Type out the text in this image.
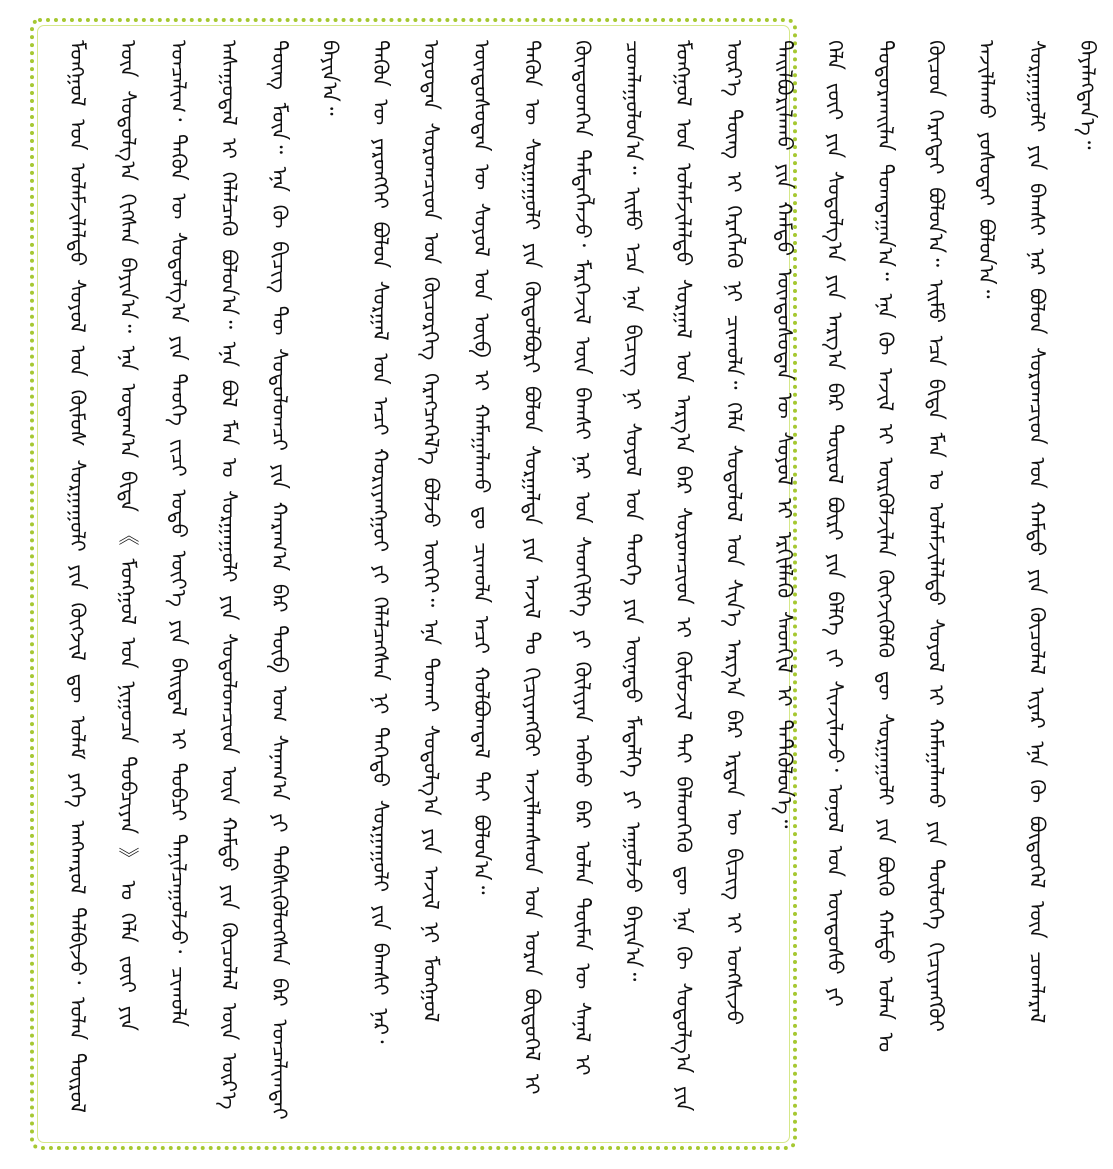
ᠮᠣᠩᠭᠣᠯ ᠤᠨ ᠤᠯᠠᠮᠵᠢᠯᠠᠯᠳᠤ ᠰᠣᠶᠣᠯ ᠤᠨ ᠬᠦᠮᠦᠰ ᠰᠤᠷᠭᠠᠭᠤᠯᠢ ᠶᠢᠨ ᠬᠥᠭᠵᠢᠯ ᠳᠦ ᠤᠯᠠᠮ ᠶᠡᠬᠡ ᠠᠩᠬᠠᠷᠤᠯ ᠲᠠᠯᠪᠢᠵᠤ᠂ ᠣᠯᠠᠨ ᠲᠥᠷᠥᠯ ᠦᠨ ᠰᠤᠳᠤᠯᠭ᠎ᠠ ᠬᠢᠭᠰᠡᠨ ᠪᠠᠶᠢᠨ᠎ᠠ᠃ ᠡᠨᠡ ᠤᠳᠠᠭ᠎ᠠ ᠪᠢᠳᠡ 《 ᠮᠣᠩᠭᠣᠯ ᠤᠨ ᠨᠢᠭᠤᠴᠠ ᠲᠣᠪᠴᠢᠶᠠᠨ 》 ᠤ ᠬᠡᠯᠡ ᠵᠦᠢ ᠶᠢᠨ ᠣᠨᠴᠠᠯᠢᠭ᠂ ᠲᠡᠭᠦᠨ ᠦ ᠰᠤᠳᠤᠯᠭ᠎ᠠ ᠶᠢᠨ ᠲᠡᠦᠬᠡ ᠵᠢᠴᠢ ᠣᠳᠣ ᠦᠶ᠎ᠡ ᠶᠢᠨ ᠪᠠᠢᠳᠠᠯ ᠢ ᠲᠣᠪᠴᠢ ᠲᠠᠨᠢᠯᠴᠠᠭᠤᠯᠵᠤ᠂ ᠴᠢᠬᠤᠯᠠ ᠠᠰᠠᠭᠤᠳᠠᠯ ᠢ ᠬᠡᠯᠡᠯᠴᠡᠬᠦ ᠪᠣᠯᠤᠨ᠎ᠠ᠃ ᠡᠨᠡ ᠪᠣᠯ ᠮᠠᠨ ᠤ ᠰᠤᠷᠭᠠᠭᠤᠯᠢ ᠶᠢᠨ ᠰᠤᠳᠤᠯᠤᠭᠴᠢᠳ ᠦᠨ ᠬᠠᠮᠲᠤ ᠶᠢᠨ ᠬᠦᠴᠦᠯᠡᠯ ᠦᠨ ᠦᠷ᠎ᠡ ᠳᠦᠩ ᠮᠥᠨ᠃ ᠡᠨᠡ ᠬᠦ ᠪᠢᠴᠢᠭ ᠲᠦ ᠰᠤᠳᠤᠯᠤᠭᠴᠢ ᠶᠢᠨ ᠬᠠᠷᠠᠭ᠎ᠠ ᠪᠠᠷ ᠲᠥᠪ ᠤᠭ ᠰᠠᠨᠠᠭ᠎ᠠ ᠶᠢ ᠳᠡᠪᠰᠢᠭᠦᠯᠦᠭᠰᠡᠨ ᠪᠠᠷ ᠣᠨᠴᠠᠯᠢᠭᠲᠠᠢ ᠪᠠᠶᠢᠨ᠎ᠠ᠃	ᠲᠡᠭᠦᠨ ᠦ ᠶᠡᠷᠦᠩᠬᠡᠢ ᠪᠣᠯᠤᠨ ᠰᠤᠷᠭᠠᠯ ᠤᠨ ᠠᠴᠢ ᠬᠤᠷᠢᠶᠠᠩᠭᠤᠢ ᠶᠢ ᠬᠡᠯᠡᠯᠴᠡᠭᠰᠡᠨ ᠨᠢ ᠳᠡᠭᠡᠳᠦ ᠰᠤᠷᠭᠠᠭᠤᠯᠢ ᠶᠢᠨ ᠪᠠᠭᠰᠢ ᠨᠠᠷ᠂ ᠣᠶᠤᠲᠠᠨ ᠰᠤᠷᠤᠭᠴᠢᠳ ᠤᠨ ᠬᠦᠴᠦᠷᠬᠡᠭ ᠬᠡᠷᠡᠭᠴᠡᠭᠡᠯ᠎ᠡ ᠪᠣᠯᠵᠤ ᠦᠭᠡᠢ᠃ ᠡᠨᠡ ᠲᠤᠬᠠᠢ ᠰᠤᠳᠤᠯᠭ᠎ᠠ ᠶᠢᠨ ᠠᠵᠢᠯ ᠨᠢ ᠮᠣᠩᠭᠣᠯ ᠦᠨᠳᠦᠰᠦᠲᠡᠨ ᠦ ᠰᠣᠶᠣᠯ ᠤᠨ ᠥᠪ ᠢ ᠬᠠᠮᠠᠭᠠᠯᠠᠬᠤ ᠳᠤ ᠴᠢᠬᠤᠯᠠ ᠠᠴᠢ ᠬᠣᠯᠪᠣᠭᠳᠠᠯ ᠲᠠᠢ ᠪᠣᠯᠤᠨ᠎ᠠ᠃	ᠲᠡᠭᠦᠨ ᠦ ᠰᠤᠷᠭᠠᠭᠤᠯᠢ ᠶᠢᠨ ᠬᠥᠲᠥᠯᠪᠦᠷᠢ ᠪᠣᠯᠤᠨ ᠰᠤᠷᠭᠠᠯᠲᠠ ᠶᠢᠨ ᠠᠵᠢᠯ ᠲᠤ ᠬᠢᠴᠢᠶᠡᠩᠭᠦᠢ ᠠᠵᠢᠯᠯᠠᠭᠰᠠᠳ ᠤᠨ ᠤᠷᠠᠨ ᠪᠦᠲᠦᠭᠡᠯ ᠢ ᠬᠦᠨᠳᠦᠳᠬᠡᠨ ᠲᠡᠮᠳᠡᠭᠯᠡᠵᠦ᠂ ᠮᠡᠷᠭᠡᠵᠢᠯ ᠦᠨ ᠪᠠᠭᠰᠢ ᠨᠠᠷ ᠤᠨ ᠰᠡᠳᠬᠢᠯᠭᠡ ᠶᠢ ᠬᠦᠯᠢᠶᠡᠨ ᠠᠪᠬᠤ ᠪᠠᠷ ᠣᠯᠠᠨ ᠲᠦᠮᠡᠨ ᠦ ᠰᠠᠨᠠᠯ ᠢ ᠴᠤᠭᠯᠠᠭᠤᠯᠤᠨ᠎ᠠ᠃ ᠡᠢᠮᠦ ᠡᠴᠡ ᠡᠨᠡ ᠪᠢᠴᠢᠭ ᠨᠢ ᠰᠣᠶᠣᠯ ᠤᠨ ᠲᠡᠦᠬᠡ ᠶᠢᠨ ᠦᠨᠡᠲᠦ ᠮᠡᠳᠡᠯᠭᠡ ᠶᠢ ᠠᠭᠤᠯᠵᠤ ᠪᠠᠶᠢᠨ᠎ᠠ᠃	ᠮᠣᠩᠭᠣᠯ ᠤᠨ ᠤᠯᠠᠮᠵᠢᠯᠠᠯᠳᠤ ᠰᠤᠷᠭᠠᠯ ᠤᠨ ᠠᠷᠭ᠎ᠠ ᠪᠠᠷ ᠰᠤᠷᠤᠭᠴᠢᠳ ᠢ ᠬᠥᠮᠦᠵᠢᠯ ᠲᠡᠶ ᠪᠡᠯᠡᠳᠬᠡᠬᠦ ᠳᠦ ᠡᠨᠡ ᠬᠦ ᠰᠤᠳᠤᠯᠭ᠎ᠠ ᠶᠢᠨ ᠦᠷ᠎ᠡ ᠳᠦᠩ ᠢ ᠬᠡᠷᠡᠭᠯᠡᠬᠦ ᠨᠢ ᠴᠢᠬᠤᠯᠠ᠃ ᠬᠡᠯᠡ ᠰᠤᠳᠤᠯᠤᠯ ᠤᠨ ᠰᠢᠨ᠎ᠡ ᠠᠷᠭ᠎ᠠ ᠪᠠᠷ ᠡᠷᠲᠡᠨ ᠦ ᠪᠢᠴᠢᠭ ᠢ ᠤᠩᠰᠢᠵᠤ ᠲᠠᠢᠯᠪᠤᠷᠢᠯᠠᠬᠤ ᠶᠢᠨ ᠬᠠᠮᠲᠤ ᠦᠨᠳᠦᠰᠦᠲᠡᠨ ᠦ ᠰᠣᠶᠣᠯ ᠢ ᠡᠷᠬᠢᠮᠯᠡᠬᠦ ᠰᠡᠳᠬᠢᠯ ᠢ ᠲᠡᠲᠭᠦᠯᠦᠨ᠎ᠡ᠃	ᠬᠡᠯᠡ ᠵᠦᠢ ᠶᠢᠨ ᠰᠤᠳᠤᠯᠭ᠎ᠠ ᠶᠢᠨ ᠠᠷᠭ᠎ᠠ ᠪᠠᠷ ᠲᠥᠷᠥᠯ ᠪᠦᠷᠢ ᠶᠢᠨ ᠪᠡᠯᠭᠡ ᠵᠢ ᠰᠢᠨᠵᠢᠯᠡᠵᠦ᠂ ᠣᠨᠣᠯ ᠤᠨ ᠦᠨᠳᠦᠰᠦ ᠶᠢ ᠲᠣᠳᠣᠷᠬᠠᠢᠯᠠᠨ ᠲᠣᠭᠲᠠᠭᠠᠨ᠎ᠠ᠃ ᠡᠨᠡ ᠬᠦ ᠠᠵᠢᠯ ᠢ ᠦᠷᠭᠦᠯᠵᠢᠯᠡᠨ ᠬᠥᠭᠵᠢᠭᠦᠯᠬᠦ ᠳᠦ ᠰᠤᠷᠭᠠᠭᠤᠯᠢ ᠶᠢᠨ ᠪᠦᠬᠦ ᠬᠠᠮᠲᠤ ᠣᠯᠠᠨ ᠤ ᠬᠦᠴᠦᠨ ᠬᠡᠷᠡᠭᠲᠡᠢ ᠪᠣᠯᠤᠨ᠎ᠠ᠃ ᠡᠢᠮᠦ ᠡᠴᠡ ᠪᠢᠳᠡ ᠮᠠᠨ ᠤ ᠤᠯᠠᠮᠵᠢᠯᠠᠯᠳᠤ ᠰᠣᠶᠣᠯ ᠢ ᠬᠠᠮᠠᠭᠠᠯᠠᠬᠤ ᠶᠢᠨ ᠲᠥᠯᠥᠭᠡ ᠬᠢᠴᠢᠶᠡᠩᠭᠦᠢ ᠠᠵᠢᠯᠯᠠᠬᠤ ᠶᠤᠰᠣᠲᠠᠢ ᠪᠣᠯᠤᠨ᠎ᠠ᠃	ᠰᠤᠷᠭᠠᠭᠤᠯᠢ ᠶᠢᠨ ᠪᠠᠭᠰᠢ ᠨᠠᠷ ᠪᠣᠯᠤᠨ ᠰᠤᠷᠤᠭᠴᠢᠳ ᠤᠨ ᠬᠠᠮᠲᠤ ᠶᠢᠨ ᠬᠦᠴᠦᠯᠡᠯ ᠢᠶᠡᠷ ᠡᠨᠡ ᠬᠦ ᠪᠦᠲᠦᠭᠡᠯ ᠦᠨ ᠴᠤᠭᠯᠠᠷᠠᠯ ᠪᠡᠶᠡᠯᠡᠭᠳᠡᠨ᠎ᠡ᠃
